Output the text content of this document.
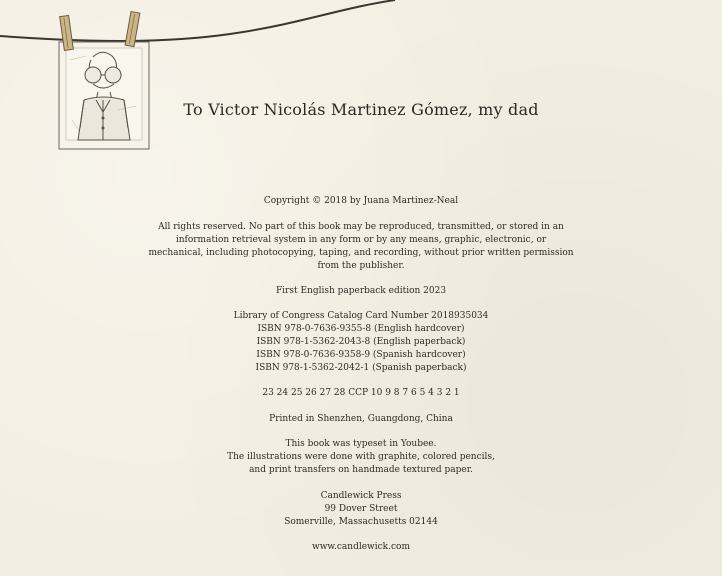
To Victor Nicolás Martinez Gómez, my dad
Copyright © 2018 by Juana Martinez-Neal
All rights reserved. No part of this book may be reproduced, transmitted, or stored in an
information retrieval system in any form or by any means, graphic, electronic, or
mechanical, including photocopying, taping, and recording, without prior written permission
from the publisher.
First English paperback edition 2023
Library of Congress Catalog Card Number 2018935034
ISBN 978-0-7636-9355-8 (English hardcover)
ISBN 978-1-5362-2043-8 (English paperback)
ISBN 978-0-7636-9358-9 (Spanish hardcover)
ISBN 978-1-5362-2042-1 (Spanish paperback)
23 24 25 26 27 28 CCP 10 9 8 7 6 5 4 3 2 1
Printed in Shenzhen, Guangdong, China
This book was typeset in Youbee.
The illustrations were done with graphite, colored pencils,
and print transfers on handmade textured paper.
Candlewick Press
99 Dover Street
Somerville, Massachusetts 02144
www.candlewick.com
